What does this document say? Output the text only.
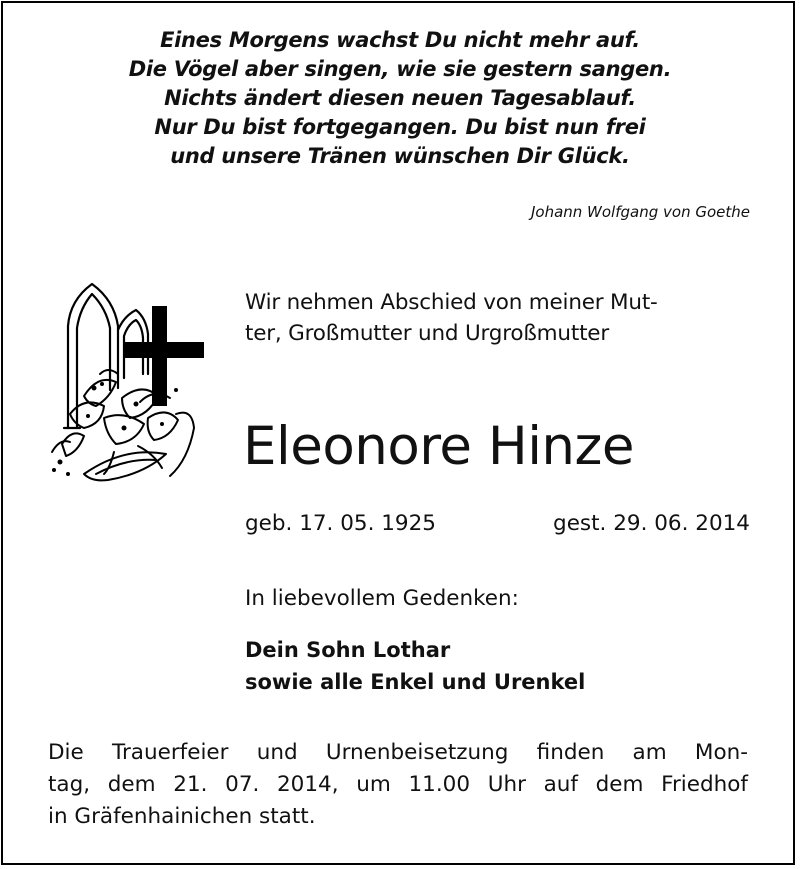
Eines Morgens wachst Du nicht mehr auf.
Die Vögel aber singen, wie sie gestern sangen.
Nichts ändert diesen neuen Tagesablauf.
Nur Du bist fortgegangen. Du bist nun frei
und unsere Tränen wünschen Dir Glück.
Johann Wolfgang von Goethe
Wir nehmen Abschied von meiner Mut-
ter, Großmutter und Urgroßmutter
Eleonore Hinze
geb. 17. 05. 1925	gest. 29. 06. 2014
In liebevollem Gedenken:
Dein Sohn Lothar
sowie alle Enkel und Urenkel
Die Trauerfeier und Urnenbeisetzung finden am Mon-
tag, dem 21. 07. 2014, um 11.00 Uhr auf dem Friedhof
in Gräfenhainichen statt.
